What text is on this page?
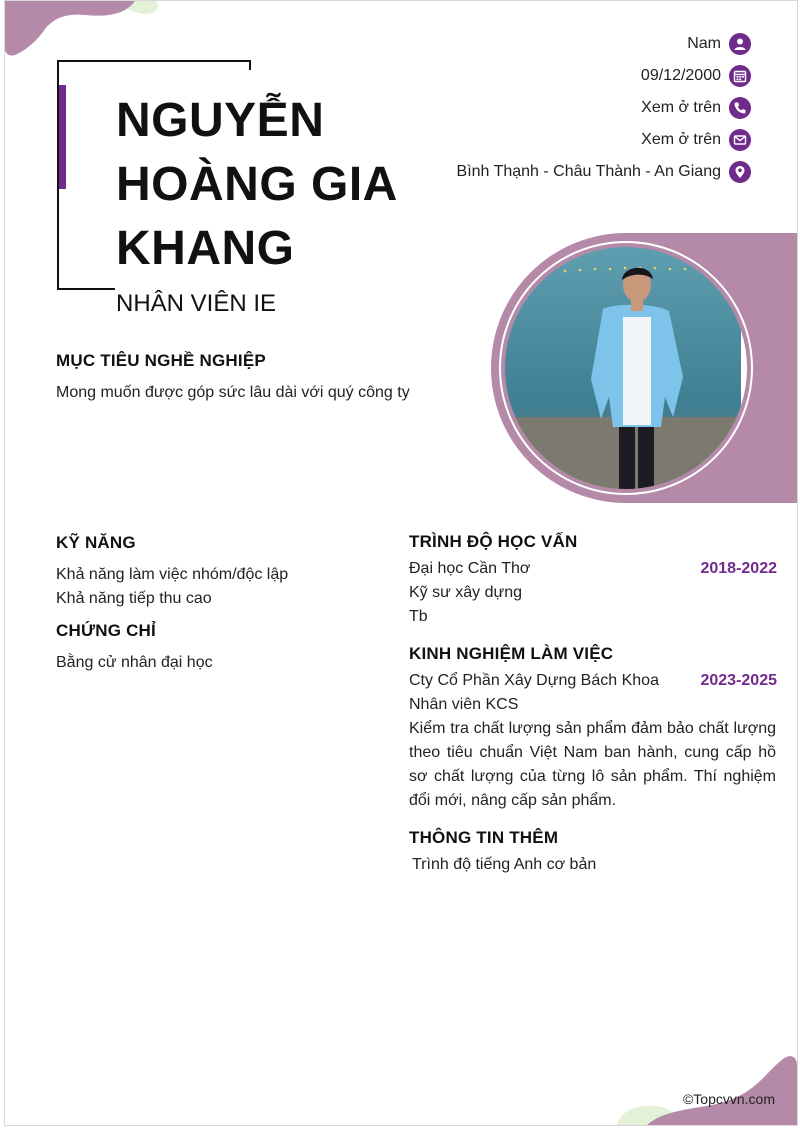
NGUYỄN
HOÀNG GIA
KHANG
NHÂN VIÊN IE
Nam
09/12/2000
Xem ở trên
Xem ở trên
Bình Thạnh - Châu Thành - An Giang
MỤC TIÊU NGHỀ NGHIỆP
Mong muốn được góp sức lâu dài với quý công ty
KỸ NĂNG
Khả năng làm việc nhóm/độc lập
Khả năng tiếp thu cao
CHỨNG CHỈ
Bằng cử nhân đại học
TRÌNH ĐỘ HỌC VẤN
Đại học Cần Thơ	2018-2022
Kỹ sư xây dựng
Tb
KINH NGHIỆM LÀM VIỆC
Cty Cổ Phần Xây Dựng Bách Khoa	2023-2025
Nhân viên KCS
Kiểm tra chất lượng sản phẩm đảm bảo chất lượng theo tiêu chuẩn Việt Nam ban hành, cung cấp hồ sơ chất lượng của từng lô sản phẩm. Thí nghiệm đổi mới, nâng cấp sản phẩm.
THÔNG TIN THÊM
Trình độ tiếng Anh cơ bản
©Topcvvn.com
